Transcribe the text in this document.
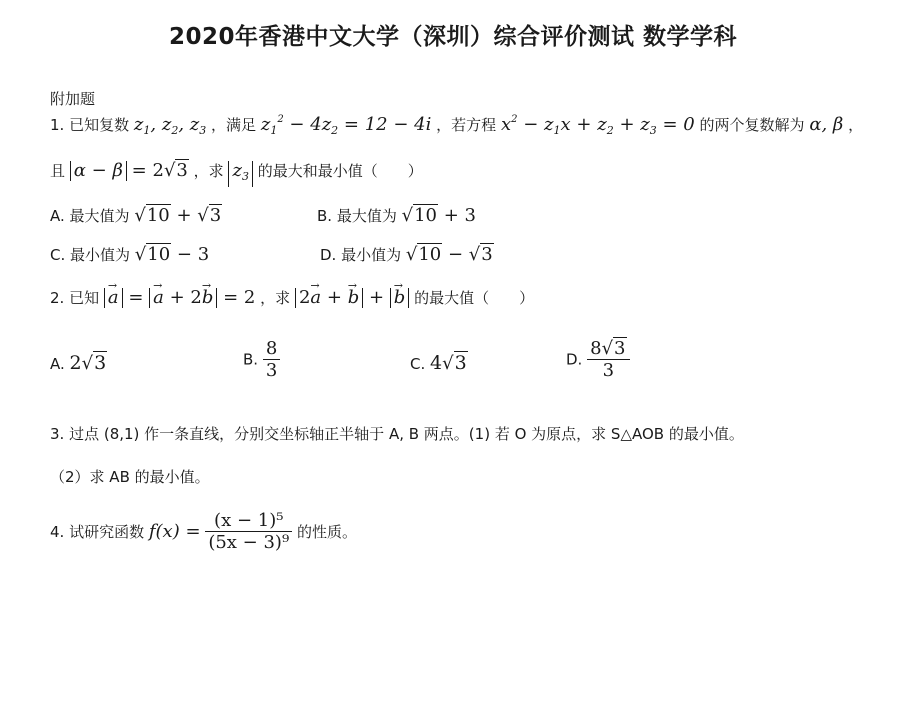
2020年香港中文大学（深圳）综合评价测试 数学学科
附加题
1. 已知复数 $z_1$, $z_2$, $z_3$ ，满足 $z_1^2 - 4z_2 = 12 - 4i$ ，若方程 $x^2 - z_1x + z_2 + z_3 = 0$ 的两个复数解为 α, β ，
且 α − β = 2√3 ，求 $z_3$ 的最大和最小值（　　）
A. 最大值为 √10 + √3	B. 最大值为 √10 + 3
C. 最小值为 √10 − 3	D. 最小值为 √10 − √3
2. 已知 → a = → a + 2→ b = 2 ，求 2→ a + → b + → b 的最大值（　　）
A. 2√3	B. $\frac{8}{3}$	C. 4√3	D. $\frac{8√3}{3}$
3. 过点 (8,1) 作一条直线，分别交坐标轴正半轴于 A, B 两点。(1) 若 O 为原点，求 S△AOB 的最小值。
（2）求 AB 的最小值。
4. 试研究函数 $f(x) = \frac{\text{(x − 1)⁵}}{\text{(5x − 3)⁹}}$ 的性质。
